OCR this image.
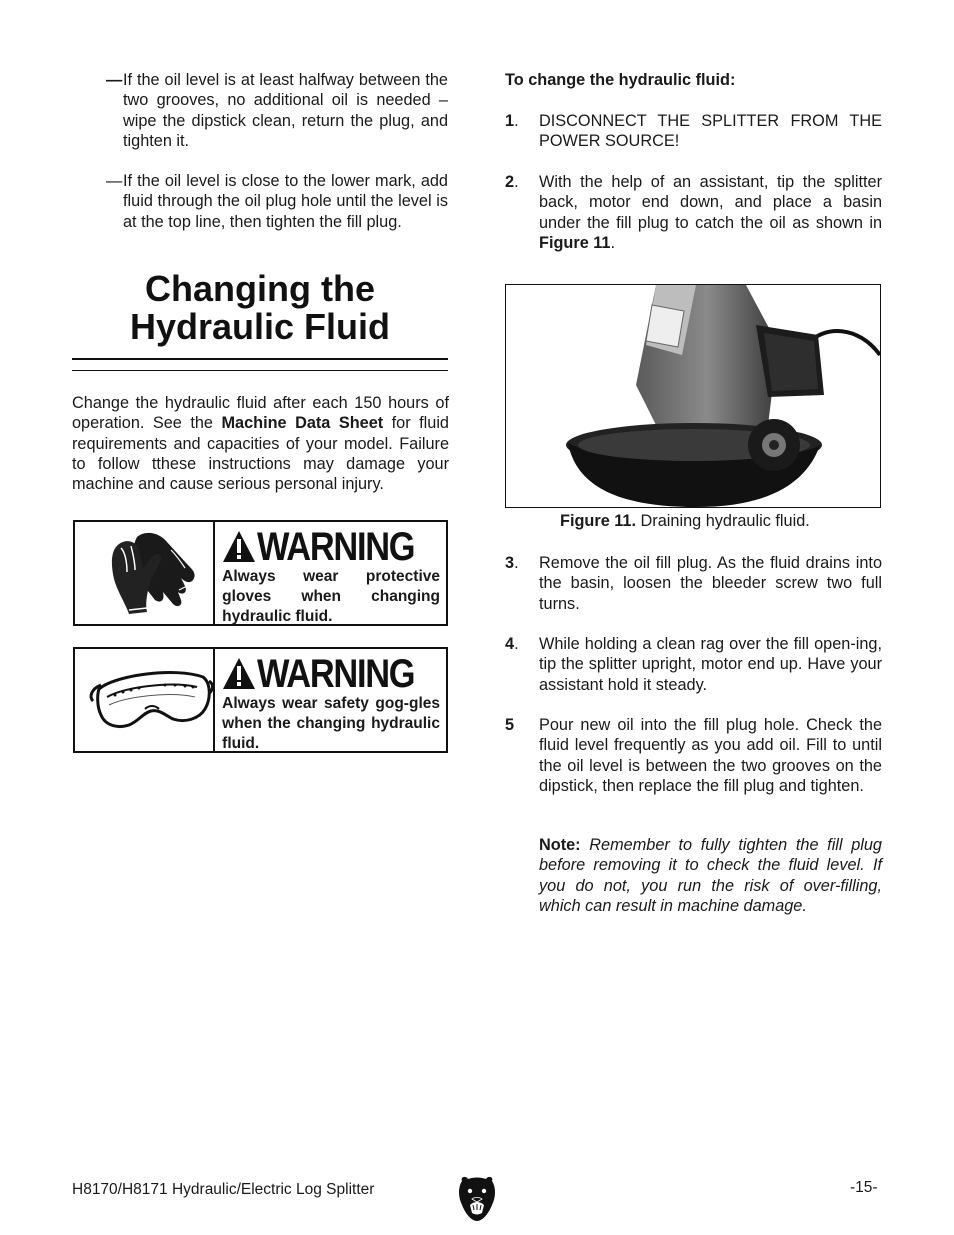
— If the oil level is at least halfway between the two grooves, no additional oil is needed –wipe the dipstick clean, return the plug, and tighten it.
— If the oil level is close to the lower mark, add fluid through the oil plug hole until the level is at the top line, then tighten the fill plug.
Changing the
Hydraulic Fluid

Change the hydraulic fluid after each 150 hours of operation. See the Machine Data Sheet for fluid requirements and capacities of your model. Failure to follow tthese instructions may damage your machine and cause serious personal injury.

WARNING
Always wear protective gloves when changing hydraulic fluid.
WARNING
Always wear safety gog-gles when the changing hydraulic fluid.
To change the hydraulic fluid:
1. DISCONNECT THE SPLITTER FROM THE POWER SOURCE!
2. With the help of an assistant, tip the splitter back, motor end down, and place a basin under the fill plug to catch the oil as shown in Figure 11.
Figure 11. Draining hydraulic fluid.
3. Remove the oil fill plug. As the fluid drains into the basin, loosen the bleeder screw two full turns.
4. While holding a clean rag over the fill open-ing, tip the splitter upright, motor end up. Have your assistant hold it steady.
5 Pour new oil into the fill plug hole. Check the fluid level frequently as you add oil. Fill to until the oil level is between the two grooves on the dipstick, then replace the fill plug and tighten.
Note: Remember to fully tighten the fill plug before removing it to check the fluid level. If you do not, you run the risk of over-filling, which can result in machine damage.
H8170/H8171 Hydraulic/Electric Log Splitter	-15-
